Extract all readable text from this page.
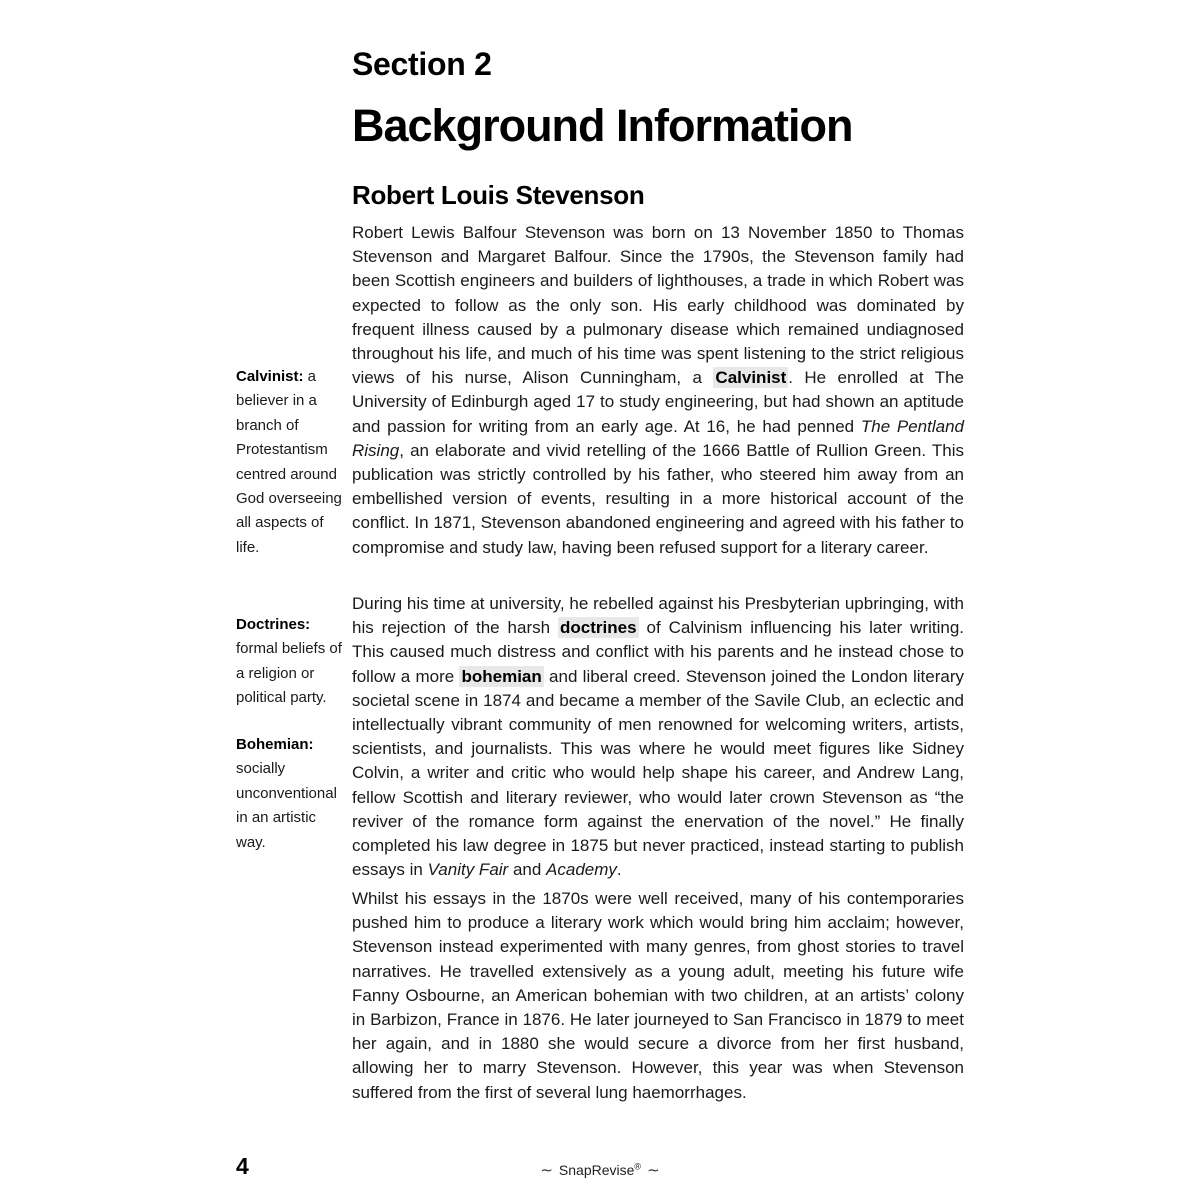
Section 2
Background Information
Robert Louis Stevenson
Calvinist: a believer in a branch of Protestantism centred around God overseeing all aspects of life.
Doctrines: formal beliefs of a religion or political party.
Bohemian: socially unconventional in an artistic way.

Robert Lewis Balfour Stevenson was born on 13 November 1850 to Thomas Stevenson and Margaret Balfour. Since the 1790s, the Stevenson family had been Scottish engineers and builders of lighthouses, a trade in which Robert was expected to follow as the only son. His early childhood was dominated by frequent illness caused by a pulmonary disease which remained undiagnosed throughout his life, and much of his time was spent listening to the strict religious views of his nurse, Alison Cunningham, a Calvinist . He enrolled at The University of Edinburgh aged 17 to study engineering, but had shown an aptitude and passion for writing from an early age. At 16, he had penned The Pentland Rising, an elaborate and vivid retelling of the 1666 Battle of Rullion Green. This publication was strictly controlled by his father, who steered him away from an embellished version of events, resulting in a more historical account of the conflict. In 1871, Stevenson abandoned engineering and agreed with his father to compromise and study law, having been refused support for a literary career.

During his time at university, he rebelled against his Presbyterian upbringing, with his rejection of the harsh doctrines of Calvinism influencing his later writing. This caused much distress and conflict with his parents and he instead chose to follow a more bohemian and liberal creed. Stevenson joined the London literary societal scene in 1874 and became a member of the Savile Club, an eclectic and intellectually vibrant community of men renowned for welcoming writers, artists, scientists, and journalists. This was where he would meet figures like Sidney Colvin, a writer and critic who would help shape his career, and Andrew Lang, fellow Scottish and literary reviewer, who would later crown Stevenson as “the reviver of the romance form against the enervation of the novel.” He finally completed his law degree in 1875 but never practiced, instead starting to publish essays in Vanity Fair and Academy.

Whilst his essays in the 1870s were well received, many of his contemporaries pushed him to produce a literary work which would bring him acclaim; however, Stevenson instead experimented with many genres, from ghost stories to travel narratives. He travelled extensively as a young adult, meeting his future wife Fanny Osbourne, an American bohemian with two children, at an artists’ colony in Barbizon, France in 1876. He later journeyed to San Francisco in 1879 to meet her again, and in 1880 she would secure a divorce from her first husband, allowing her to marry Stevenson. However, this year was when Stevenson suffered from the first of several lung haemorrhages.

4	∼ SnapRevise® ∼
